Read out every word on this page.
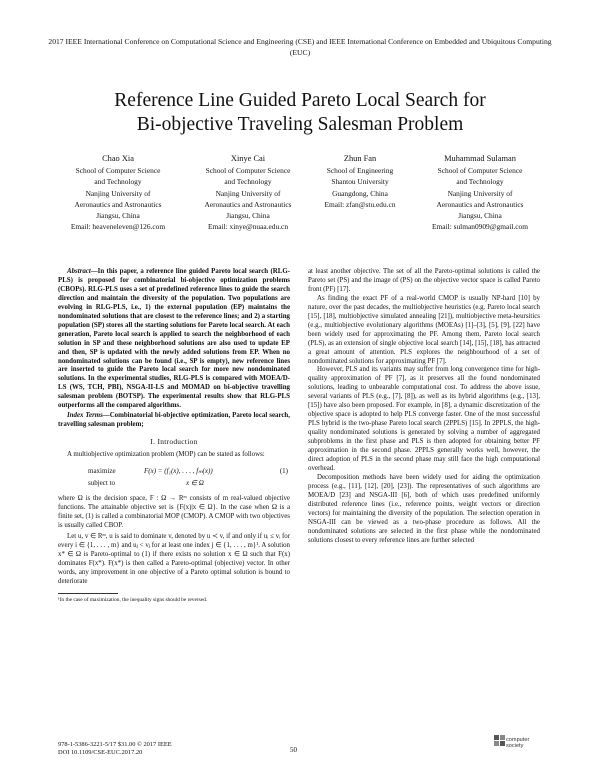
2017 IEEE International Conference on Computational Science and Engineering (CSE) and IEEE International Conference on Embedded and Ubiquitous Computing (EUC)
Reference Line Guided Pareto Local Search for
Bi-objective Traveling Salesman Problem
Chao Xia
School of Computer Science
and Technology
Nanjing University of
Aeronautics and Astronautics
Jiangsu, China
Email: heaveneleven@126.com
Xinye Cai
School of Computer Science
and Technology
Nanjing University of
Aeronautics and Astronautics
Jiangsu, China
Email: xinye@nuaa.edu.cn
Zhun Fan
School of Engineering
Shantou University
Guangdong, China
Email: zfan@stu.edu.cn
Muhammad Sulaman
School of Computer Science
and Technology
Nanjing University of
Aeronautics and Astronautics
Jiangsu, China
Email: sulman0909@gmail.com

Abstract—In this paper, a reference line guided Pareto local search (RLG-PLS) is proposed for combinatorial bi-objective optimization problems (CBOPs). RLG-PLS uses a set of predefined reference lines to guide the search direction and maintain the diversity of the population. Two populations are evolving in RLG-PLS, i.e., 1) the external population (EP) maintains the nondominated solutions that are closest to the reference lines; and 2) a starting population (SP) stores all the starting solutions for Pareto local search. At each generation, Pareto local search is applied to search the neighborhood of each solution in SP and these neighborhood solutions are also used to update EP and then, SP is updated with the newly added solutions from EP. When no nondominated solutions can be found (i.e., SP is empty), new reference lines are inserted to guide the Pareto local search for more new nondominated solutions. In the experimental studies, RLG-PLS is compared with MOEA/D-LS (WS, TCH, PBI), NSGA-II-LS and MOMAD on bi-objective travelling salesman problem (BOTSP). The experimental results show that RLG-PLS outperforms all the compared algorithms.

Index Terms—Combinatorial bi-objective optimization, Pareto local search, travelling salesman problem;

I. Introduction

A multiobjective optimization problem (MOP) can be stated as follows:

maximize	F(x) = (f₁(x), . . . , fₘ(x))	(1)
subject to	x ∈ Ω

where Ω is the decision space, F : Ω → Rᵐ consists of m real-valued objective functions. The attainable objective set is {F(x)|x ∈ Ω}. In the case when Ω is a finite set, (1) is called a combinatorial MOP (CMOP). A CMOP with two objectives is usually called CBOP.

Let u, v ∈ Rᵐ, u is said to dominate v, denoted by u ≺ v, if and only if uᵢ ≤ vᵢ for every i ∈ {1, . . . , m} and uⱼ < vⱼ for at least one index j ∈ {1, . . . , m}¹. A solution x* ∈ Ω is Pareto-optimal to (1) if there exists no solution x ∈ Ω such that F(x) dominates F(x*). F(x*) is then called a Pareto-optimal (objective) vector. In other words, any improvement in one objective of a Pareto optimal solution is bound to deteriorate

¹In the case of maximization, the inequality signs should be reversed.

at least another objective. The set of all the Pareto-optimal solutions is called the Pareto set (PS) and the image of (PS) on the objective vector space is called Pareto front (PF) [17].

As finding the exact PF of a real-world CMOP is usually NP-hard [10] by nature, over the past decades, the multiobjective heuristics (e.g. Pareto local search [15], [18], multiobjective simulated annealing [21]), multiobjective meta-heursitics (e.g., multiobjective evolutionary algorithms (MOEAs) [1]–[3], [5], [9], [22] have been widely used for approximating the PF. Among them, Pareto local search (PLS), as an extension of single objective local search [14], [15], [18], has attracted a great amount of attention. PLS explores the neighbourhood of a set of nondominated solutions for approximating PF [7].

However, PLS and its variants may suffer from long convergence time for high-quality approximation of PF [7], as it preserves all the found nondominated solutions, leading to unbearable computational cost. To address the above issue, several variants of PLS (e.g., [7], [8]), as well as its hybrid algorithms (e.g., [13], [15]) have also been proposed. For example, in [8], a dynamic discretization of the objective space is adopted to help PLS converge faster. One of the most successful PLS hybrid is the two-phase Pareto local search (2PPLS) [15]. In 2PPLS, the high-quality nondominated solutions is generated by solving a number of aggregated subproblems in the first phase and PLS is then adopted for obtaining better PF approximation in the second phase. 2PPLS generally works well, however, the direct adoption of PLS in the second phase may still face the high computational overhead.

Decomposition methods have been widely used for aiding the optimization process (e.g., [11], [12], [20], [23]). The representatives of such algorithms are MOEA/D [23] and NSGA-III [6], both of which uses predefined uniformly distributed reference lines (i.e., reference points, weight vectors or direction vectors) for maintaining the diversity of the population. The selection operation in NSGA-III can be viewed as a two-phase procedure as follows. All the nondominated solutions are selected in the first phase while the nondominated solutions closest to every reference lines are further selected

978-1-5386-3221-5/17 $31.00 © 2017 IEEE
DOI 10.1109/CSE-EUC.2017.20	50
computer society
